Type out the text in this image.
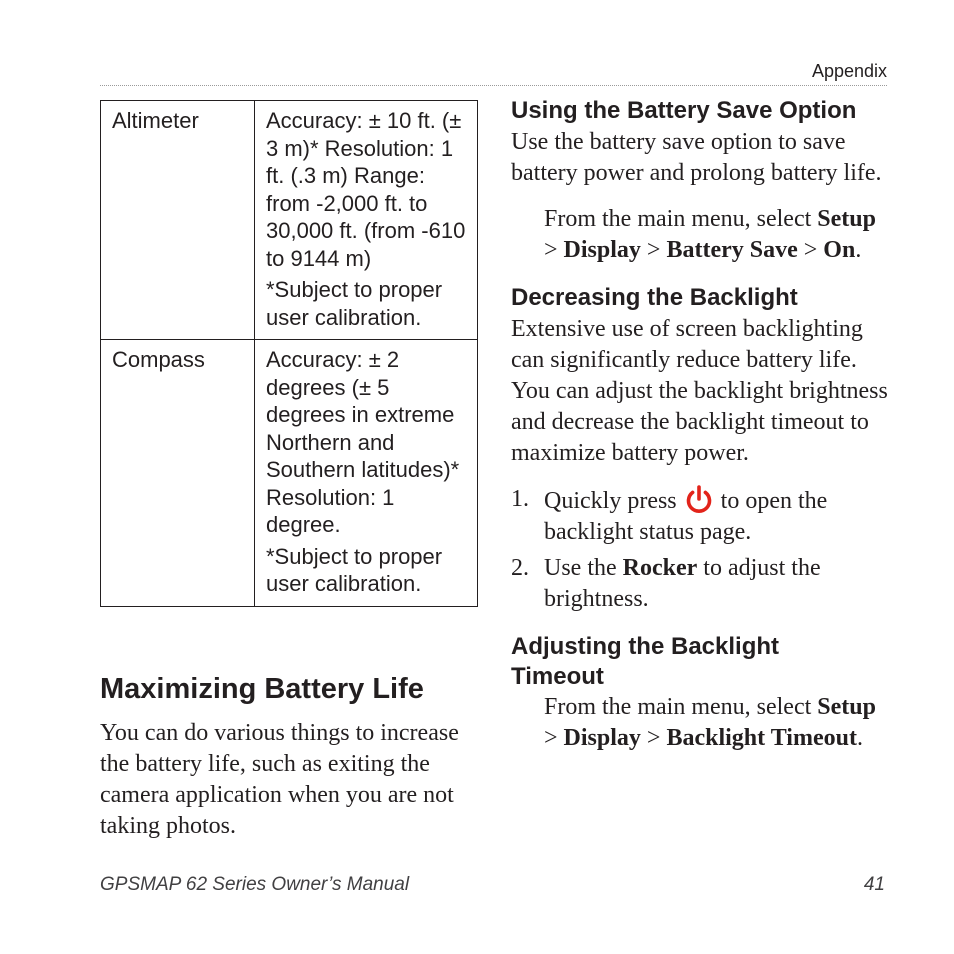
Appendix
Altimeter	Accuracy: ± 10 ft. (± 3 m)* Resolution: 1 ft. (.3 m) Range: from -2,000 ft. to 30,000 ft. (from -610 to 9144 m)

*Subject to proper user calibration.

Compass	Accuracy: ± 2 degrees (± 5 degrees in extreme Northern and Southern latitudes)* Resolution: 1 degree.

*Subject to proper user calibration.

Maximizing Battery Life

You can do various things to increase the battery life, such as exiting the camera application when you are not taking photos.

Using the Battery Save Option

Use the battery save option to save battery power and prolong battery life.

From the main menu, select Setup
> Display > Battery Save > On.

Decreasing the Backlight

Extensive use of screen backlighting can significantly reduce battery life. You can adjust the backlight brightness and decrease the backlight timeout to maximize battery power.

1. Quickly press  to open the backlight status page.
2. Use the Rocker to adjust the brightness.
Adjusting the Backlight
Timeout

From the main menu, select Setup
> Display > Backlight Timeout.

GPSMAP 62 Series Owner’s Manual	41
